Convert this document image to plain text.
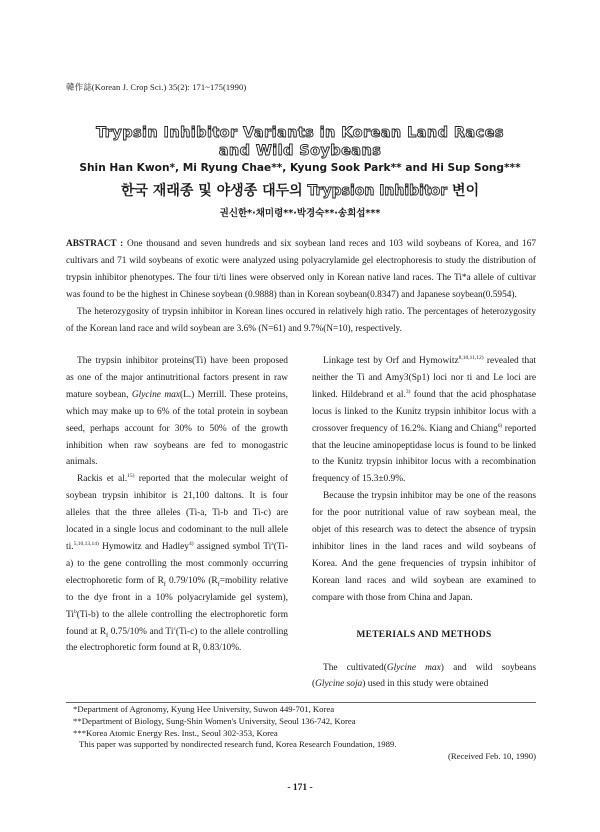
韓作誌(Korean J. Crop Sci.) 35(2): 171~175(1990)
Trypsin Inhibitor Variants in Korean Land Races
and Wild Soybeans
Shin Han Kwon*, Mi Ryung Chae**, Kyung Sook Park** and Hi Sup Song***
한국 재래종 및 야생종 대두의 Trypsion Inhibitor 변이
권신한*·채미령**·박경숙**·송희섭***

ABSTRACT : One thousand and seven hundreds and six soybean land reces and 103 wild soybeans of Korea, and 167 cultivars and 71 wild soybeans of exotic were analyzed using polyacrylamide gel electrophoresis to study the distribution of trypsin inhibitor phenotypes. The four ti/ti lines were observed only in Korean native land races. The Ti*a allele of cultivar was found to be the highest in Chinese soybean (0.9888) than in Korean soybean(0.8347) and Japanese soybean(0.5954).

The heterozygosity of trypsin inhibitor in Korean lines occured in relatively high ratio. The percentages of heterozygosity of the Korean land race and wild soybean are 3.6% (N=61) and 9.7%(N=10), respectively.

The trypsin inhibitor proteins(Ti) have been proposed as one of the major antinutritional factors present in raw mature soybean, Glycine max(L.) Merrill. These proteins, which may make up to 6% of the total protein in soybean seed, perhaps account for 30% to 50% of the growth inhibition when raw soybeans are fed to monogastric animals.

Rackis et al.$^{15)}$ reported that the molecular weight of soybean trypsin inhibitor is 21,100 daltons. It is four alleles that the three alleles (Ti-a, Ti-b and Ti-c) are located in a single locus and codominant to the null allele ti.$^{5,10,13,14)}$ Hymowitz and Hadley$^{4)}$ assigned symbol Ti$^a$(Ti-a) to the gene controlling the most commonly occurring electrophoretic form of $R_f$ 0.79/10% ($R_f=mobility$ relative to the dye front in a 10% polyacrylamide gel system), Ti$^b$(Ti-b) to the allele controlling the electrophoretic form found at $R_f$ 0.75/10% and Ti$^c$(Ti-c) to the allele controlling the electrophoretic form found at $R_f$ 0.83/10%.

Linkage test by Orf and Hymowitz$^{8,10,11,12)}$ revealed that neither the Ti and Amy3(Sp1) loci nor ti and Le loci are linked. Hildebrand et al.$^{3)}$ found that the acid phosphatase locus is linked to the Kunitz trypsin inhibitor locus with a crossover frequency of 16.2%. Kiang and Chiang$^{6)}$ reported that the leucine aminopeptidase locus is found to be linked to the Kunitz trypsin inhibitor locus with a recombination frequency of 15.3±0.9%.

Because the trypsin inhibitor may be one of the reasons for the poor nutritional value of raw soybean meal, the objet of this research was to detect the absence of trypsin inhibitor lines in the land races and wild soybeans of Korea. And the gene frequencies of trypsin inhibitor of Korean land races and wild soybean are examined to compare with those from China and Japan.

METERIALS AND METHODS

The cultivated(Glycine max) and wild soybeans (Glycine soja) used in this study were obtained

*Department of Agronomy, Kyung Hee University, Suwon 449-701, Korea
**Department of Biology, Sung-Shin Women's University, Seoul 136-742, Korea
***Korea Atomic Energy Res. Inst., Seoul 302-353, Korea
This paper was supported by nondirected research fund, Korea Research Foundation, 1989.
(Received Feb. 10, 1990)
- 171 -
